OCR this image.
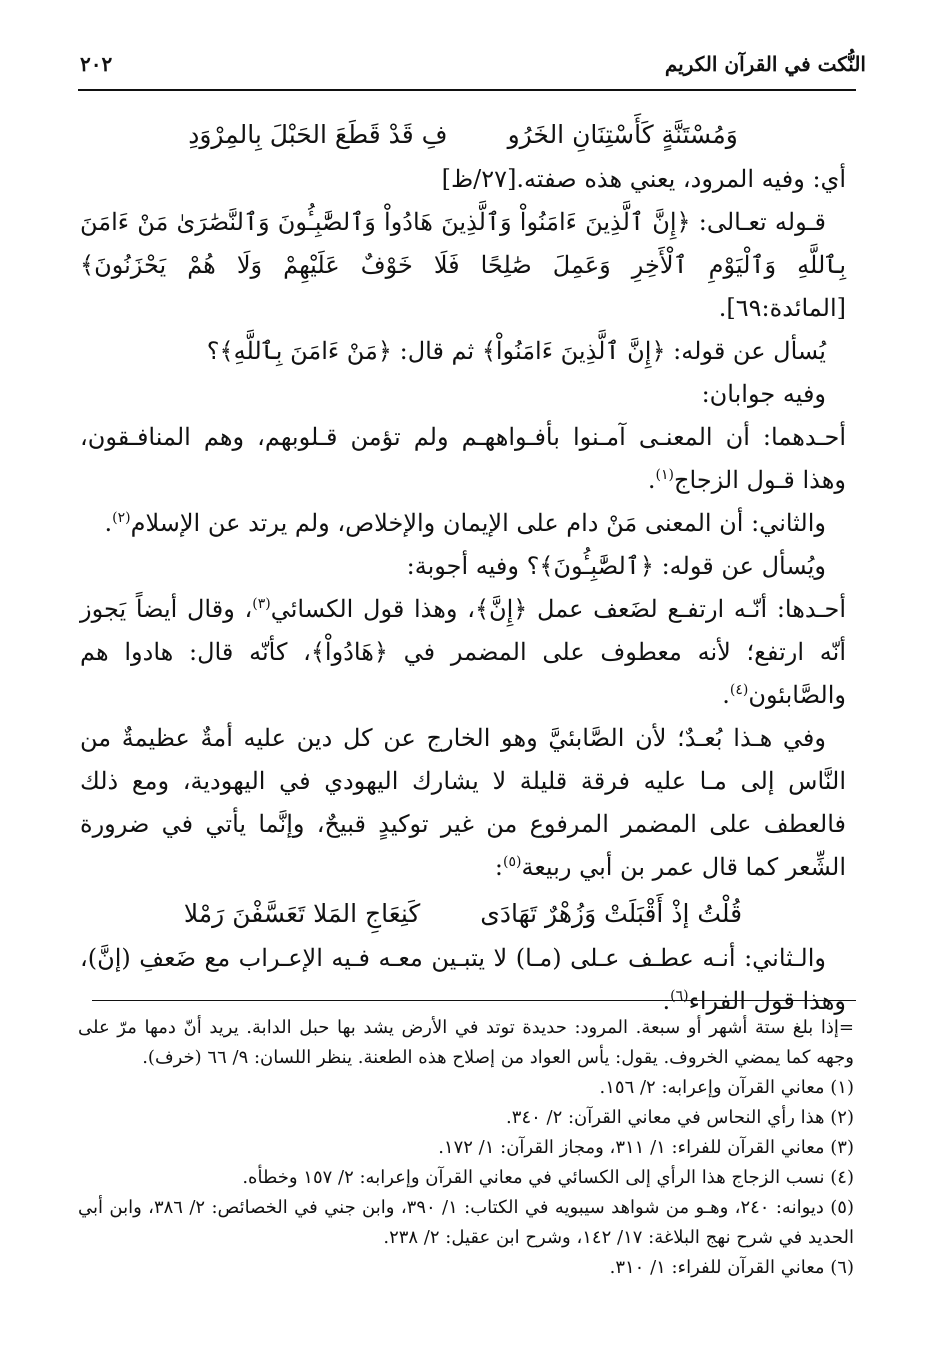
النُّكت في القرآن الكريم
٢٠٢
وَمُسْتَنَّةٍ كَأَسْتِنَانِ الخَرُو
فِ قَدْ قَطَعَ الحَبْلَ بِالمِرْوَدِ

أي: وفيه المرود، يعني هذه صفته.[٢٧/ظ]

قـوله تعـالى: ﴿إِنَّ ٱلَّذِينَ ءَامَنُواْ وَٱلَّذِينَ هَادُواْ وَٱلصَّٰبِـُٔونَ وَٱلنَّصَٰرَىٰ مَنْ ءَامَنَ بِٱللَّهِ وَٱلْيَوْمِ ٱلْأَخِرِ وَعَمِلَ صَٰلِحًا فَلَا خَوْفٌ عَلَيْهِمْ وَلَا هُمْ يَحْزَنُونَ﴾ [المائدة:٦٩].

يُسأل عن قوله: ﴿إِنَّ ٱلَّذِينَ ءَامَنُواْ﴾ ثم قال: ﴿مَنْ ءَامَنَ بِٱللَّهِ﴾؟

وفيه جوابان:

أحـدهما: أن المعنـى آمـنوا بأفـواههـم ولم تؤمن قـلوبهم، وهم المنافـقون، وهذا قـول الزجاج$^{(١)}$.

والثاني: أن المعنى مَنْ دام على الإيمان والإخلاص، ولم يرتد عن الإسلام$^{(٢)}$.

ويُسأل عن قوله: ﴿ٱلصَّٰبِـُٔونَ﴾؟ وفيه أجوبة:

أحـدها: أنّـه ارتفـع لضَعف عمل ﴿إِنَّ﴾، وهذا قول الكسائي$^{(٣)}$، وقال أيضاً يَجوز أنّه ارتفع؛ لأنه معطوف على المضمر في ﴿هَادُواْ﴾، كأنّه قال: هادوا هم والصَّابئون$^{(٤)}$.

وفي هـذا بُعـدٌ؛ لأن الصَّابئيَّ وهو الخارج عن كل دين عليه أمةٌ عظيمةٌ من النَّاس إلى مـا عليه فرقة قليلة لا يشارك اليهودي في اليهودية، ومع ذلك فالعطف على المضمر المرفوع من غير توكيدٍ قبيحٌ، وإنَّما يأتي في ضرورة الشِّعر كما قال عمر بن أبي ربيعة$^{(٥)}$:

قُلْتُ إذْ أَقْبَلَتْ وَزُهْرٌ تَهَادَى
كَنِعَاجِ المَلا تَعَسَّفْنَ رَمْلا

والـثاني: أنـه عطـف عـلى (مـا) لا يتبـين معـه فـيه الإعـراب مع ضَعفِ (إنَّ)، وهذا قول الفراء$^{(٦)}$.

=إذا بلغ ستة أشهر أو سبعة. المرود: حديدة توتد في الأرض يشد بها حبل الدابة. يريد أنّ دمها مرّ على وجهه كما يمضي الخروف. يقول: يأس العواد من إصلاح هذه الطعنة. ينظر اللسان: ٩/ ٦٦ (خرف).

(١) معاني القرآن وإعرابه: ٢/ ١٥٦.

(٢) هذا رأي النحاس في معاني القرآن: ٢/ ٣٤٠.

(٣) معاني القرآن للفراء: ١/ ٣١١، ومجاز القرآن: ١/ ١٧٢.

(٤) نسب الزجاج هذا الرأي إلى الكسائي في معاني القرآن وإعرابه: ٢/ ١٥٧ وخطأه.

(٥) ديوانه: ٢٤٠، وهـو من شواهد سيبويه في الكتاب: ١/ ٣٩٠، وابن جني في الخصائص: ٢/ ٣٨٦، وابن أبي الحديد في شرح نهج البلاغة: ١٧/ ١٤٢، وشرح ابن عقيل: ٢/ ٢٣٨.

(٦) معاني القرآن للفراء: ١/ ٣١٠.
